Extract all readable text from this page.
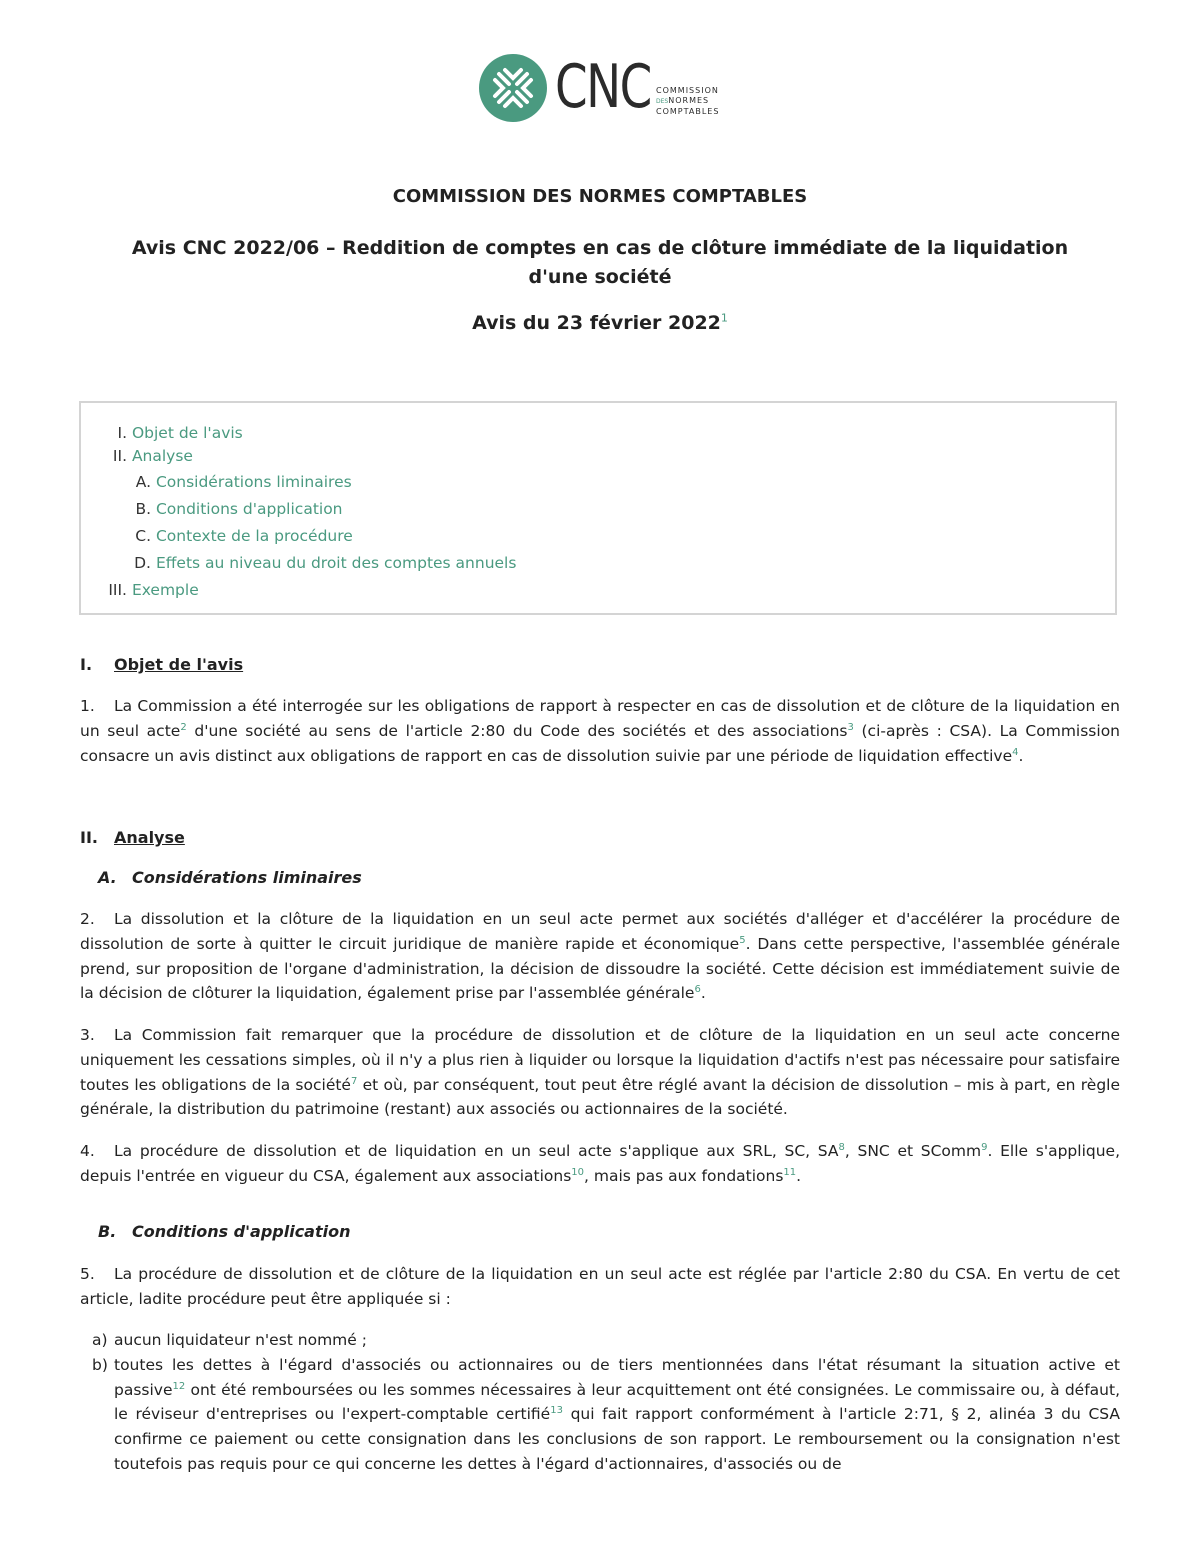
CNC COMMISSION
DESNORMES
COMPTABLES
COMMISSION DES NORMES COMPTABLES
Avis CNC 2022/06 – Reddition de comptes en cas de clôture immédiate de la liquidation d'une société
Avis du 23 février 2022$^1$
I. Objet de l'avis
II. Analyse
A. Considérations liminaires
B. Conditions d'application
C. Contexte de la procédure
D. Effets au niveau du droit des comptes annuels
III. Exemple
I. Objet de l'avis
1. La Commission a été interrogée sur les obligations de rapport à respecter en cas de dissolution et de clôture de la liquidation en un seul acte$^2$ d'une société au sens de l'article 2:80 du Code des sociétés et des associations$^3$ (ci-après : CSA). La Commission consacre un avis distinct aux obligations de rapport en cas de dissolution suivie par une période de liquidation effective$^4$.
II. Analyse
A. Considérations liminaires
2. La dissolution et la clôture de la liquidation en un seul acte permet aux sociétés d'alléger et d'accélérer la procédure de dissolution de sorte à quitter le circuit juridique de manière rapide et économique$^5$. Dans cette perspective, l'assemblée générale prend, sur proposition de l'organe d'administration, la décision de dissoudre la société. Cette décision est immédiatement suivie de la décision de clôturer la liquidation, également prise par l'assemblée générale$^6$.
3. La Commission fait remarquer que la procédure de dissolution et de clôture de la liquidation en un seul acte concerne uniquement les cessations simples, où il n'y a plus rien à liquider ou lorsque la liquidation d'actifs n'est pas nécessaire pour satisfaire toutes les obligations de la société$^7$ et où, par conséquent, tout peut être réglé avant la décision de dissolution – mis à part, en règle générale, la distribution du patrimoine (restant) aux associés ou actionnaires de la société.
4. La procédure de dissolution et de liquidation en un seul acte s'applique aux SRL, SC, SA$^8$, SNC et SComm$^9$. Elle s'applique, depuis l'entrée en vigueur du CSA, également aux associations$^{10}$, mais pas aux fondations$^{11}$.
B. Conditions d'application
5. La procédure de dissolution et de clôture de la liquidation en un seul acte est réglée par l'article 2:80 du CSA. En vertu de cet article, ladite procédure peut être appliquée si :
a) aucun liquidateur n'est nommé ;
b) toutes les dettes à l'égard d'associés ou actionnaires ou de tiers mentionnées dans l'état résumant la situation active et passive$^{12}$ ont été remboursées ou les sommes nécessaires à leur acquittement ont été consignées. Le commissaire ou, à défaut, le réviseur d'entreprises ou l'expert-comptable certifié$^{13}$ qui fait rapport conformément à l'article 2:71, § 2, alinéa 3 du CSA confirme ce paiement ou cette consignation dans les conclusions de son rapport. Le remboursement ou la consignation n'est toutefois pas requis pour ce qui concerne les dettes à l'égard d'actionnaires, d'associés ou de
